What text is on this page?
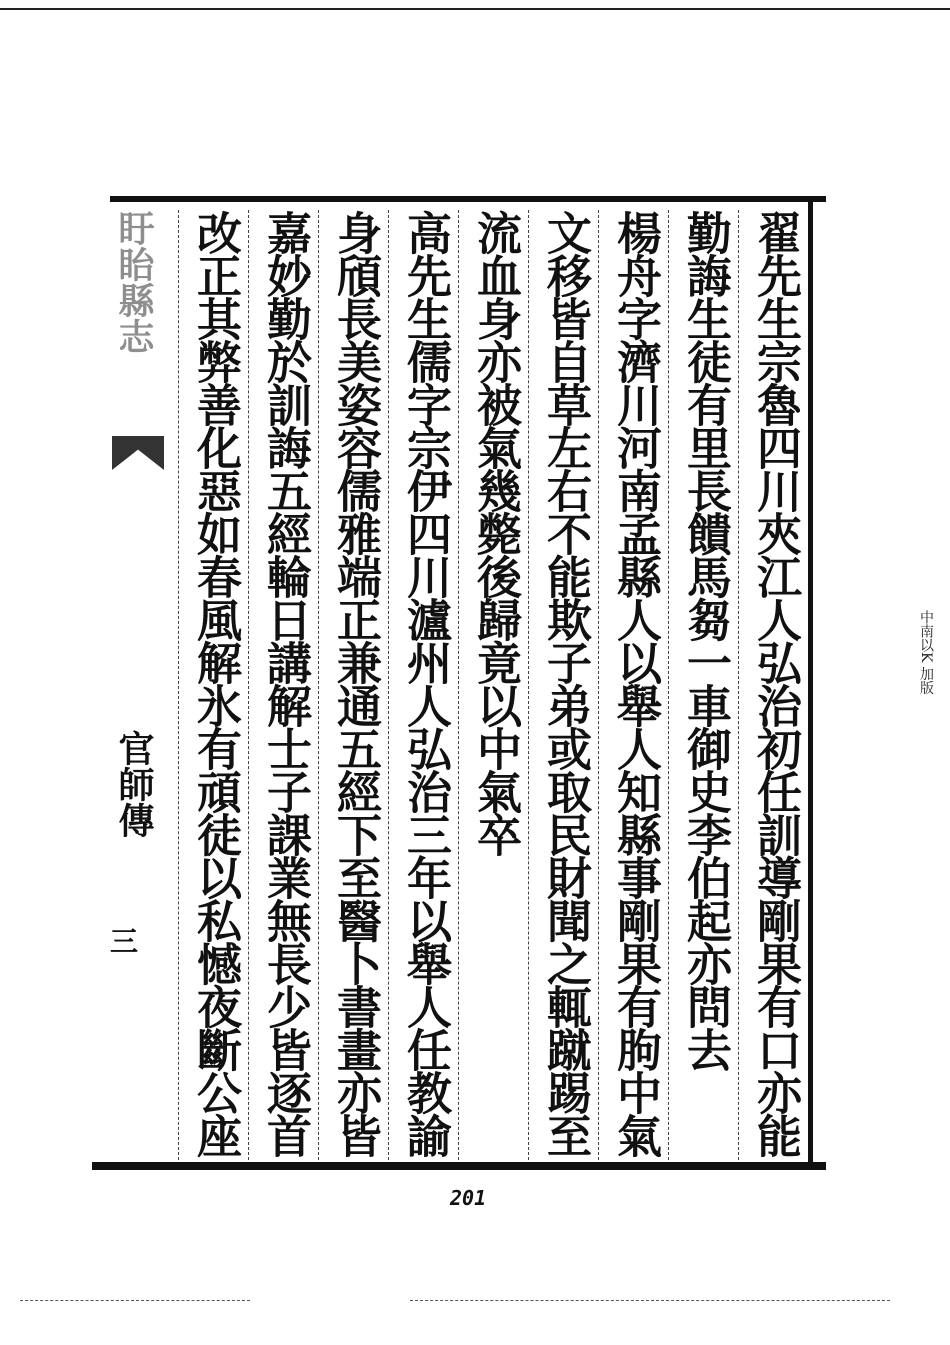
盱眙縣志
官師傳
三	翟先生宗魯四川夾江人弘治初任訓導剛果有口亦能
勤誨生徒有里長饋馬芻一車御史李伯起亦問去
楊舟字濟川河南孟縣人以舉人知縣事剛果有朐中氣
文移皆自草左右不能欺子弟或取民財聞之輒蹴踢至
流血身亦被氣幾斃後歸竟以中氣卒
高先生儒字宗伊四川瀘州人弘治三年以舉人任教諭
身頎長美姿容儒雅端正兼通五經下至醫卜書畫亦皆
嘉妙勤於訓誨五經輪日講解士子課業無長少皆逐首
改正其弊善化惡如春風解氷有頑徒以私憾夜斷公座
201
中南以K 加版
